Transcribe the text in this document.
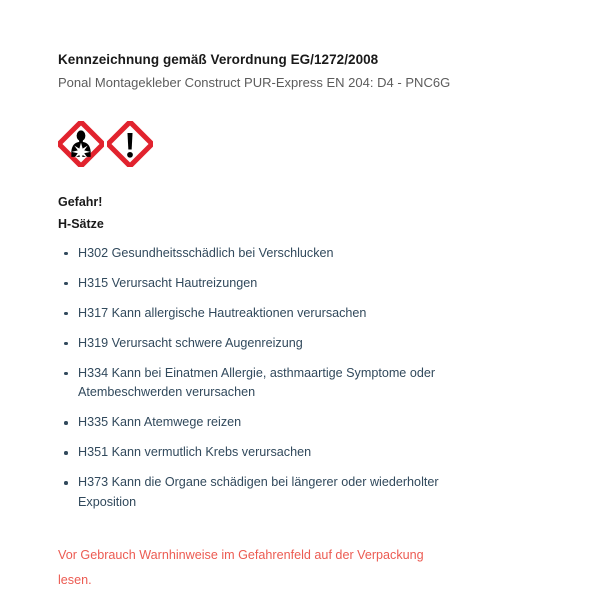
Kennzeichnung gemäß Verordnung EG/1272/2008
Ponal Montagekleber Construct PUR-Express EN 204: D4 - PNC6G
Gefahr!
H-Sätze
H302 Gesundheitsschädlich bei Verschlucken
H315 Verursacht Hautreizungen
H317 Kann allergische Hautreaktionen verursachen
H319 Verursacht schwere Augenreizung
H334 Kann bei Einatmen Allergie, asthmaartige Symptome oder Atembeschwerden verursachen
H335 Kann Atemwege reizen
H351 Kann vermutlich Krebs verursachen
H373 Kann die Organe schädigen bei längerer oder wiederholter Exposition
Vor Gebrauch Warnhinweise im Gefahrenfeld auf der Verpackung lesen.
